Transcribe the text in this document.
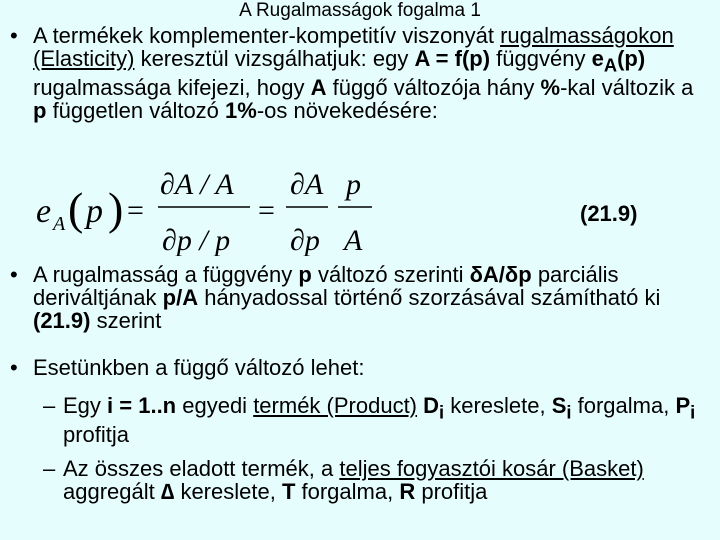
A Rugalmasságok fogalma 1
• A termékek komplementer-kompetitív viszonyát rugalmasságokon (Elasticity) keresztül vizsgálhatjuk: egy A = f(p) függvény $e_A(p)$ rugalmassága kifejezi, hogy A függő változója hány %-kal változik a p független változó 1%-os növekedésére:
e A ( p ) =
∂A / A
∂p / p
=
∂A
∂p
p
A
(21.9)
• A rugalmasság a függvény p változó szerinti δA/δp parciális deriváltjának p/A hányadossal történő szorzásával számítható ki (21.9) szerint
• Esetünkben a függő változó lehet:
– Egy i = 1..n egyedi termék (Product) $D_i$ kereslete, $S_i$ forgalma, $P_i$ profitja
– Az összes eladott termék, a teljes fogyasztói kosár (Basket) aggregált ∆ kereslete, T forgalma, R profitja
